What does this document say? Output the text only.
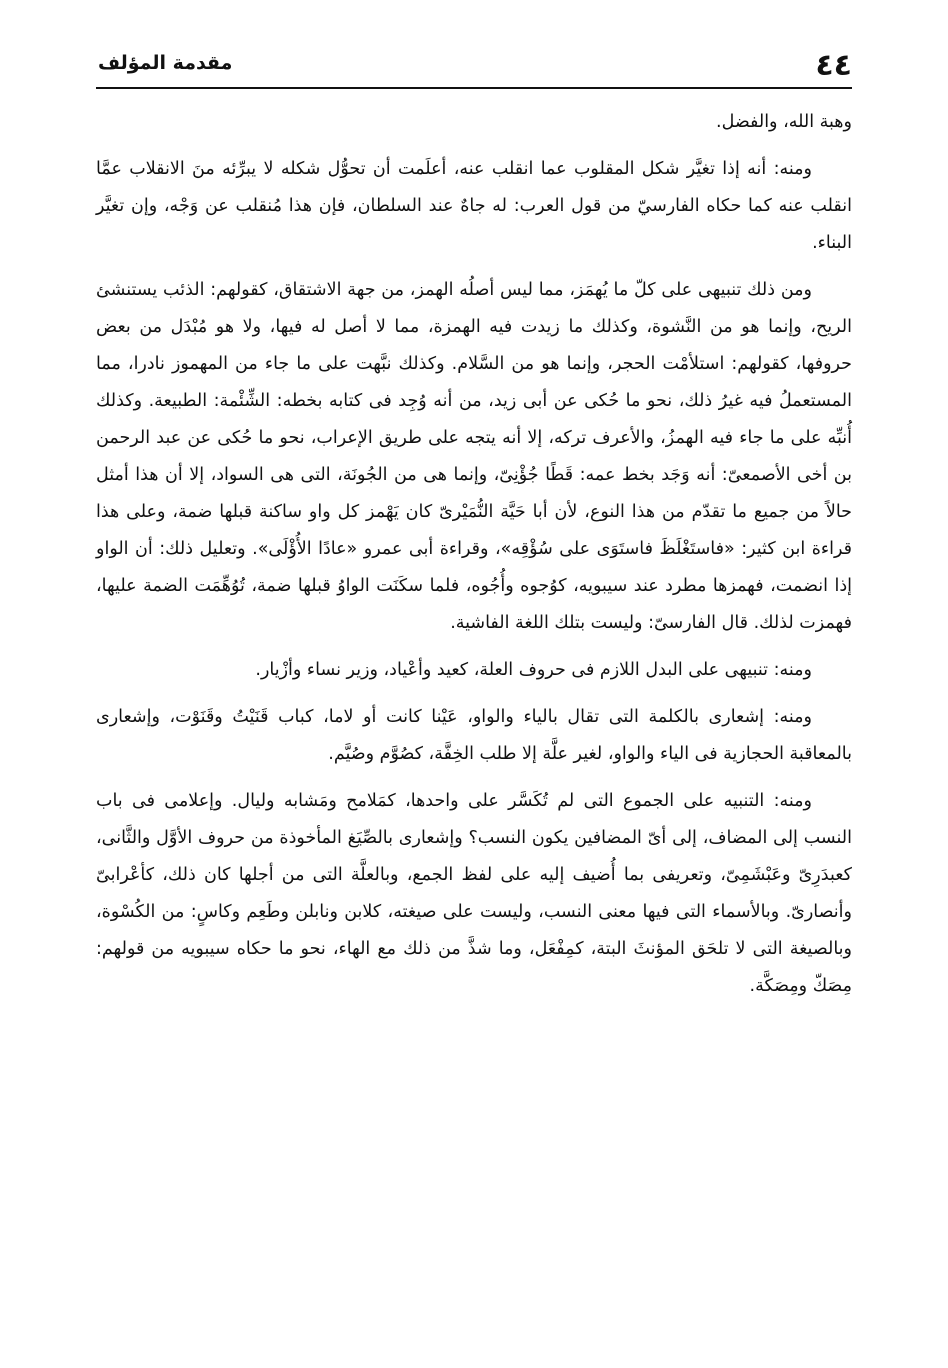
٤٤
مقدمة المؤلف

وهبة الله، والفضل.

ومنه: أنه إذا تغيَّر شكل المقلوب عما انقلب عنه، أعلَمت أن تحوُّل شكله لا يبرِّئه منَ الانقلاب عمَّا انقلب عنه كما حكاه الفارسيّ من قول العرب: له جاهٌ عند السلطان، فإن هذا مُنقلب عن وَجْه، وإن تغيَّر البناء.

ومن ذلك تنبيهى على كلّ ما يُهمَز، مما ليس أصلُه الهمز، من جهة الاشتقاق، كقولهم: الذئب يستنشئ الريح، وإنما هو من النَّشوة، وكذلك ما زيدت فيه الهمزة، مما لا أصل له فيها، ولا هو مُبْدَل من بعض حروفها، كقولهم: استلأمْت الحجر، وإنما هو من السَّلام. وكذلك نبَّهت على ما جاء من المهموز نادرا، مما المستعملُ فيه غيرُ ذلك، نحو ما حُكى عن أبى زيد، من أنه وُجِد فى كتابه بخطه: الشِّئْمة: الطبيعة. وكذلك أُنبِّه على ما جاء فيه الهمزُ، والأعرف تركه، إلا أنه يتجه على طريق الإعراب، نحو ما حُكى عن عبد الرحمن بن أخى الأصمعىّ: أنه وَجَد بخط عمه: قَطًا جُؤْنِىّ، وإنما هى من الجُونَة، التى هى السواد، إلا أن هذا أمثل حالاً من جميع ما تقدّم من هذا النوع، لأن أبا حَيَّة النُّمَيْرىّ كان يَهْمز كل واو ساكنة قبلها ضمة، وعلى هذا قراءة ابن كثير: «فاستَغْلَظَ فاستَوَى على سُؤْقِه»، وقراءة أبى عمرو «عادًا الأُؤْلَى». وتعليل ذلك: أن الواو إذا انضمت، فهمزها مطرد عند سيبويه، كوُجوه وأُجُوه، فلما سكَنَت الواوُ قبلها ضمة، تُوُهِّمَت الضمة عليها، فهمزت لذلك. قال الفارسىّ: وليست بتلك اللغة الفاشية.

ومنه: تنبيهى على البدل اللازم فى حروف العلة، كعيد وأعْياد، وزير نساء وأزْيار.

ومنه: إشعارى بالكلمة التى تقال بالياء والواو، عَيْنا كانت أو لاما، كباب قَنَيْتُ وقَنَوْت، وإشعارى بالمعاقبة الحجازية فى الياء والواو، لغير علَّة إلا طلب الخِفَّة، كصُوَّم وصُيَّم.

ومنه: التنبيه على الجموع التى لم تُكَسَّر على واحدها، كمَلامح ومَشابه وليال. وإعلامى فى باب النسب إلى المضاف، إلى أىّ المضافين يكون النسب؟ وإشعارى بالصِّيَغ المأخوذة من حروف الأوَّل والثَّانى، كعبدَرِىّ وعَبْشَمِىّ، وتعريفى بما أُضيف إليه على لفظ الجمع، وبالعلَّة التى من أجلها كان ذلك، كأعْرابىّ وأنصارىّ. وبالأسماء التى فيها معنى النسب، وليست على صيغته، كلابن ونابلن وطَعِم وكاسٍ: من الكُسْوة، وبالصيغة التى لا تلحَق المؤنثَ البتة، كمِفْعَل، وما شذَّ من ذلك مع الهاء، نحو ما حكاه سيبويه من قولهم: مِصَكّ ومِصَكَّة.
